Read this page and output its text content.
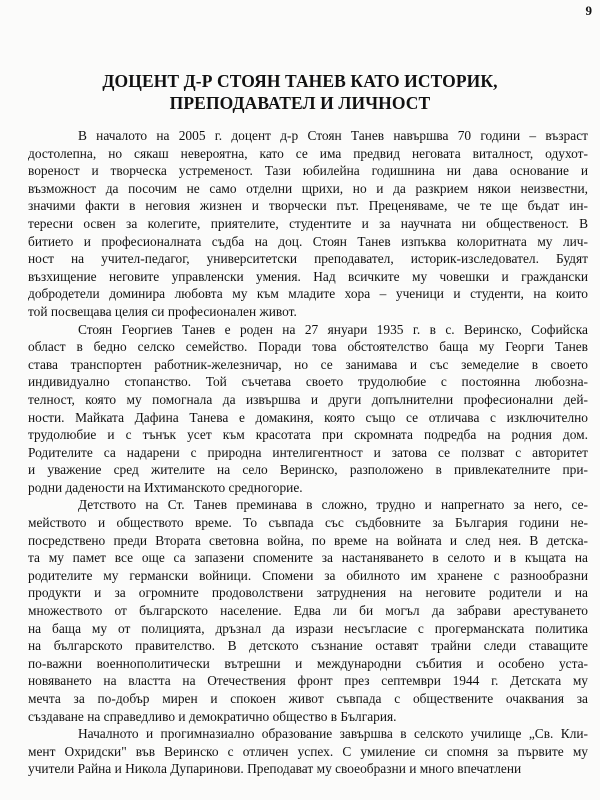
9
ДОЦЕНТ Д-Р СТОЯН ТАНЕВ КАТО ИСТОРИК,
ПРЕПОДАВАТЕЛ И ЛИЧНОСТ

В началото на 2005 г. доцент д-р Стоян Танев навършва 70 години – възраст
достолепна, но сякаш невероятна, като се има предвид неговата виталност, одухот-
вореност и творческа устременост. Тази юбилейна годишнина ни дава основание и
възможност да посочим не само отделни щрихи, но и да разкрием някои неизвестни,
значими факти в неговия жизнен и творчески път. Преценяваме, че те ще бъдат ин-
тересни освен за колегите, приятелите, студентите и за научната ни общественост. В
битието и професионалната съдба на доц. Стоян Танев изпъква колоритната му лич-
ност на учител-педагог, университетски преподавател, историк-изследовател. Будят
възхищение неговите управленски умения. Над всичките му човешки и граждански
добродетели доминира любовта му към младите хора – ученици и студенти, на които
той посвещава целия си професионален живот.

Стоян Георгиев Танев е роден на 27 януари 1935 г. в с. Веринско, Софийска
област в бедно селско семейство. Поради това обстоятелство баща му Георги Танев
става транспортен работник-железничар, но се занимава и със земеделие в своето
индивидуално стопанство. Той съчетава своето трудолюбие с постоянна любозна-
телност, която му помогнала да извършва и други допълнителни професионални дей-
ности. Майката Дафина Танева е домакиня, която също се отличава с изключително
трудолюбие и с тънък усет към красотата при скромната подредба на родния дом.
Родителите са надарени с природна интелигентност и затова се ползват с авторитет
и уважение сред жителите на село Веринско, разположено в привлекателните при-
родни дадености на Ихтиманското средногорие.

Детството на Ст. Танев преминава в сложно, трудно и напрегнато за него, се-
мейството и обществото време. То съвпада със съдбовните за България години не-
посредствено преди Втората световна война, по време на войната и след нея. В детска-
та му памет все още са запазени спомените за настаняването в селото и в къщата на
родителите му германски войници. Спомени за обилното им хранене с разнообразни
продукти и за огромните продоволствени затруднения на неговите родители и на
множеството от българското население. Едва ли би могъл да забрави арестуването
на баща му от полицията, дръзнал да изрази несъгласие с прогерманската политика
на българското правителство. В детското съзнание оставят трайни следи ставащите
по-важни военнополитически вътрешни и международни събития и особено уста-
новяването на властта на Отечествения фронт през септември 1944 г. Детската му
мечта за по-добър мирен и спокоен живот съвпада с обществените очаквания за
създаване на справедливо и демократично общество в България.

Началното и прогимназиално образование завършва в селското училище „Св. Кли-
мент Охридски" във Веринско с отличен успех. С умиление си спомня за първите му
учители Райна и Никола Дупаринови. Преподават му своеобразни и много впечатлени
